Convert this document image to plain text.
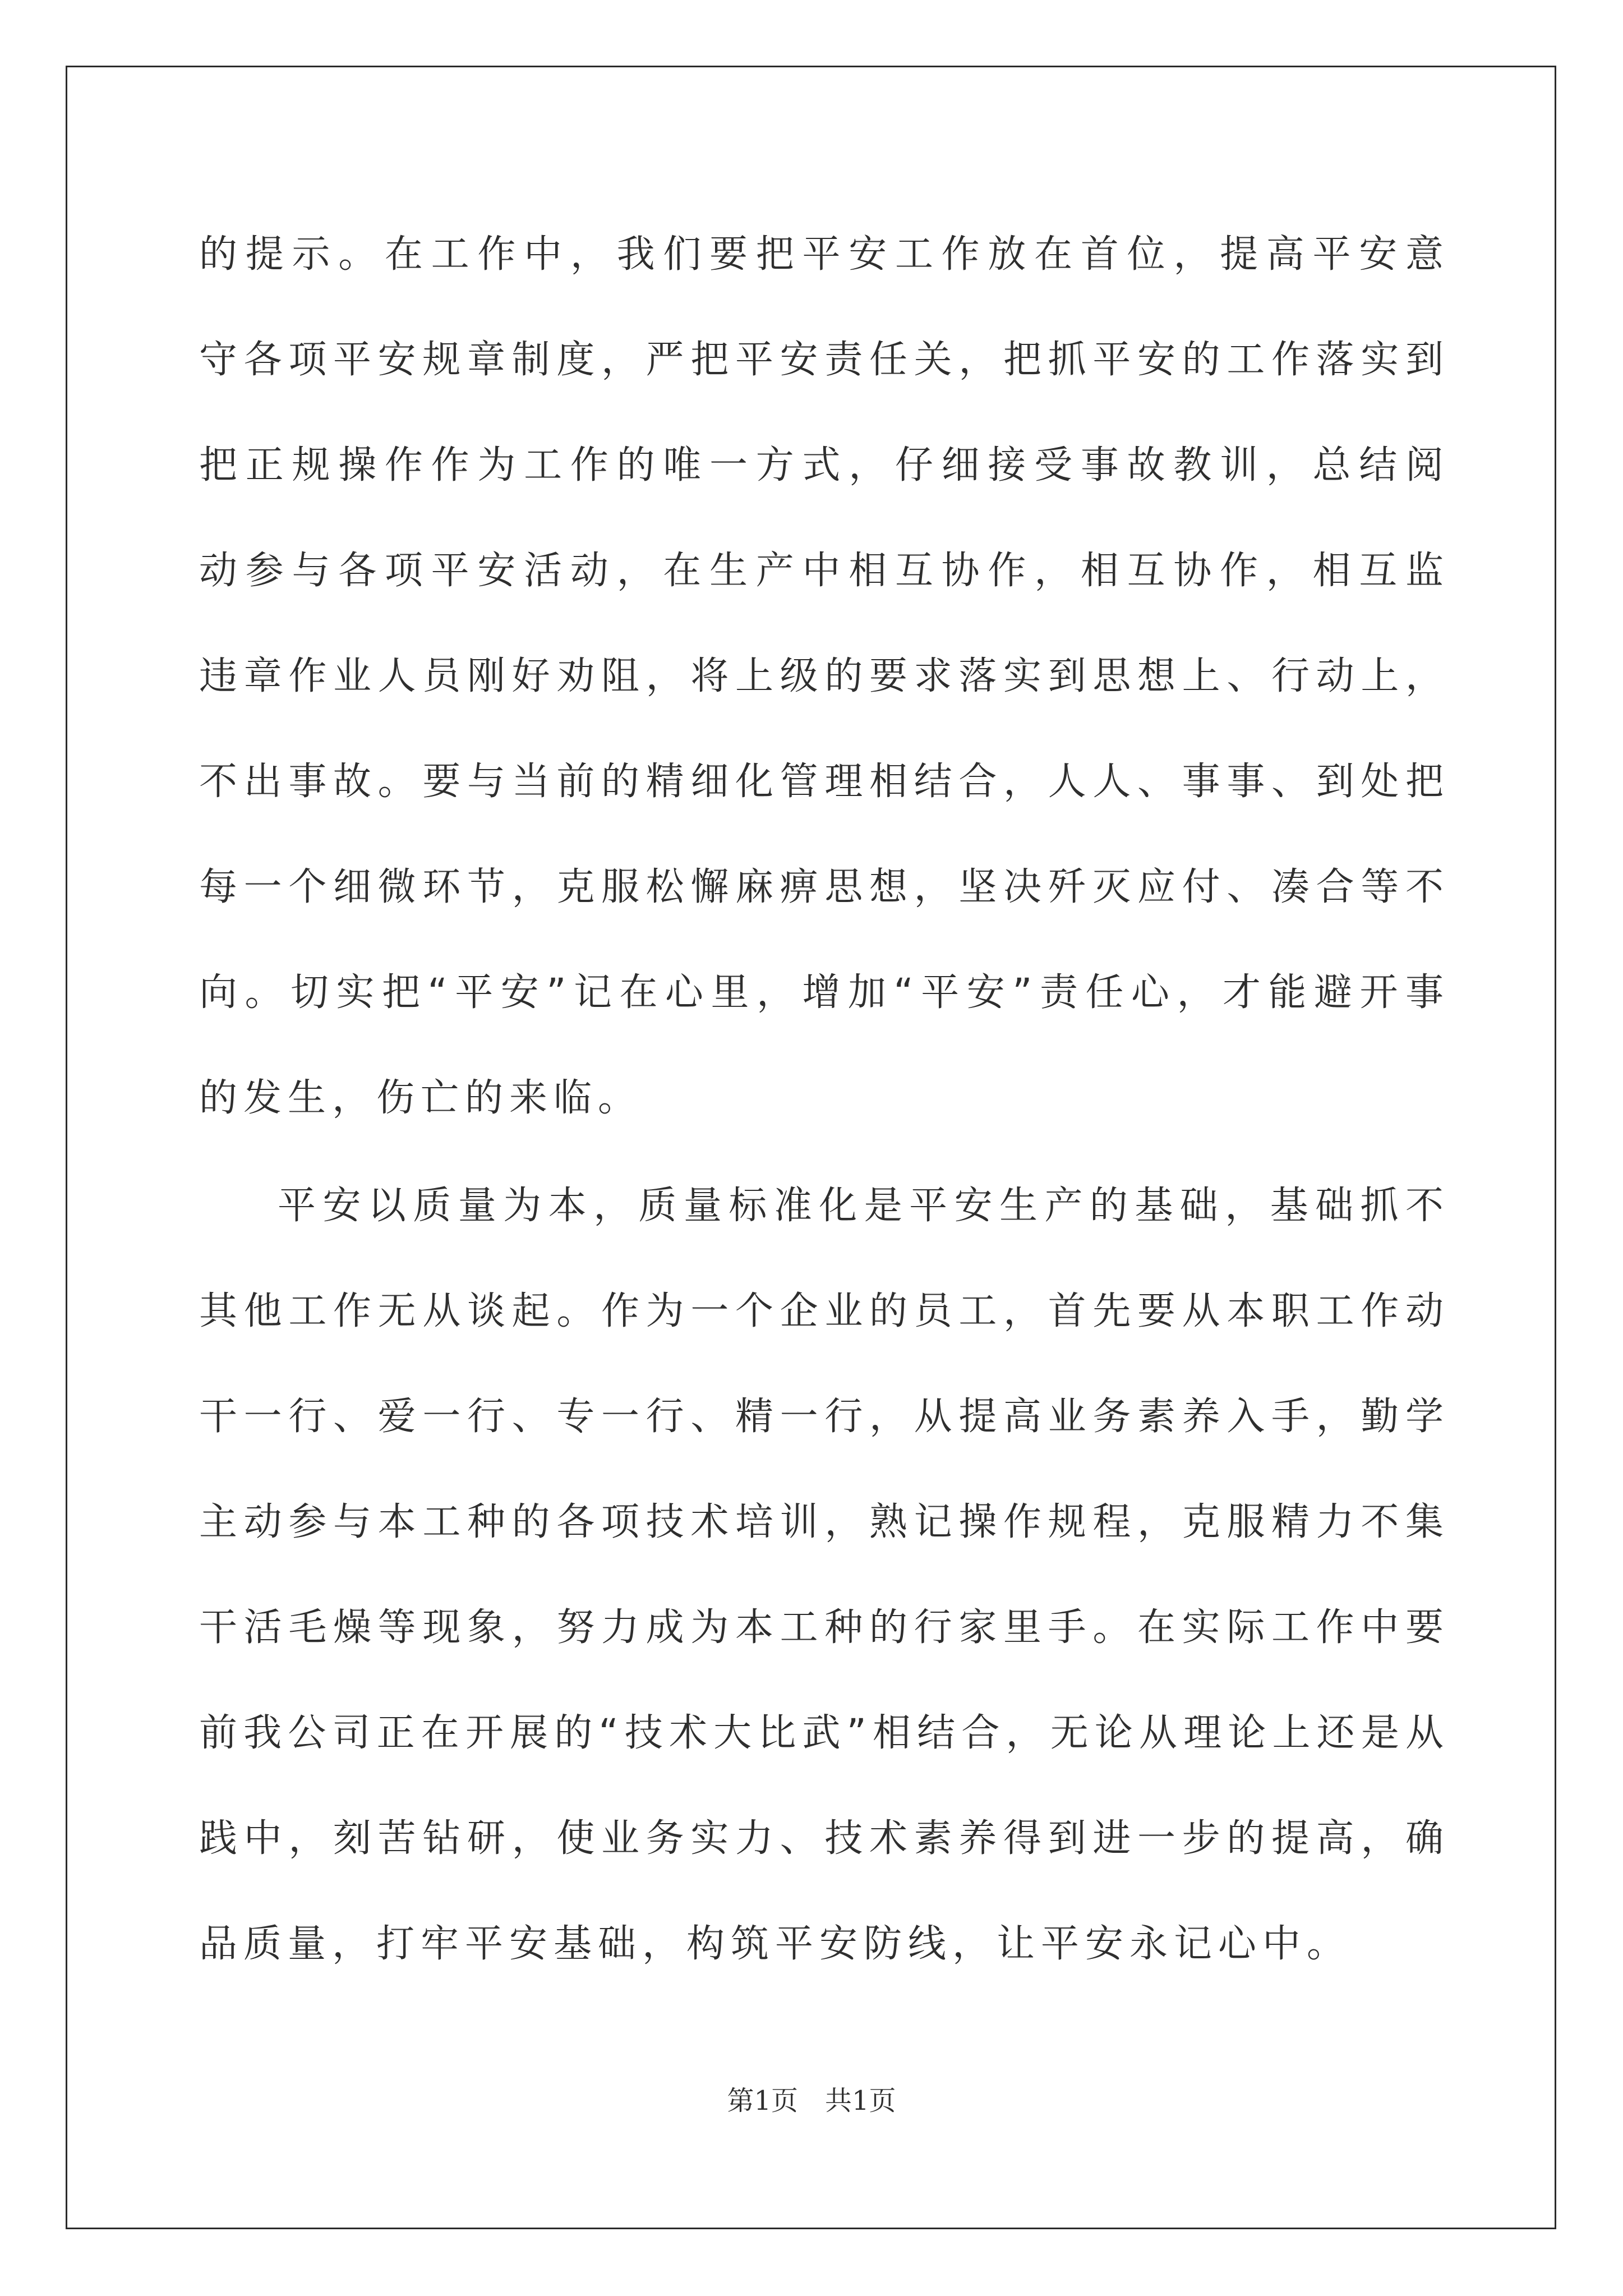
的提示。在工作中，我们要把平安工作放在首位，提高平安意
守各项平安规章制度，严把平安责任关，把抓平安的工作落实到
把正规操作作为工作的唯一方式，仔细接受事故教训，总结阅
动参与各项平安活动，在生产中相互协作，相互协作，相互监
违章作业人员刚好劝阻，将上级的要求落实到思想上、行动上，
不出事故。要与当前的精细化管理相结合，人人、事事、到处把
每一个细微环节，克服松懈麻痹思想，坚决歼灭应付、凑合等不
向。切实把“平安”记在心里，增加“平安”责任心，才能避开事
的发生，伤亡的来临。
平安以质量为本，质量标准化是平安生产的基础，基础抓不
其他工作无从谈起。作为一个企业的员工，首先要从本职工作动
干一行、爱一行、专一行、精一行，从提高业务素养入手，勤学
主动参与本工种的各项技术培训，熟记操作规程，克服精力不集
干活毛燥等现象，努力成为本工种的行家里手。在实际工作中要
前我公司正在开展的“技术大比武”相结合，无论从理论上还是从
践中，刻苦钻研，使业务实力、技术素养得到进一步的提高，确
品质量，打牢平安基础，构筑平安防线，让平安永记心中。
第1页　共1页
